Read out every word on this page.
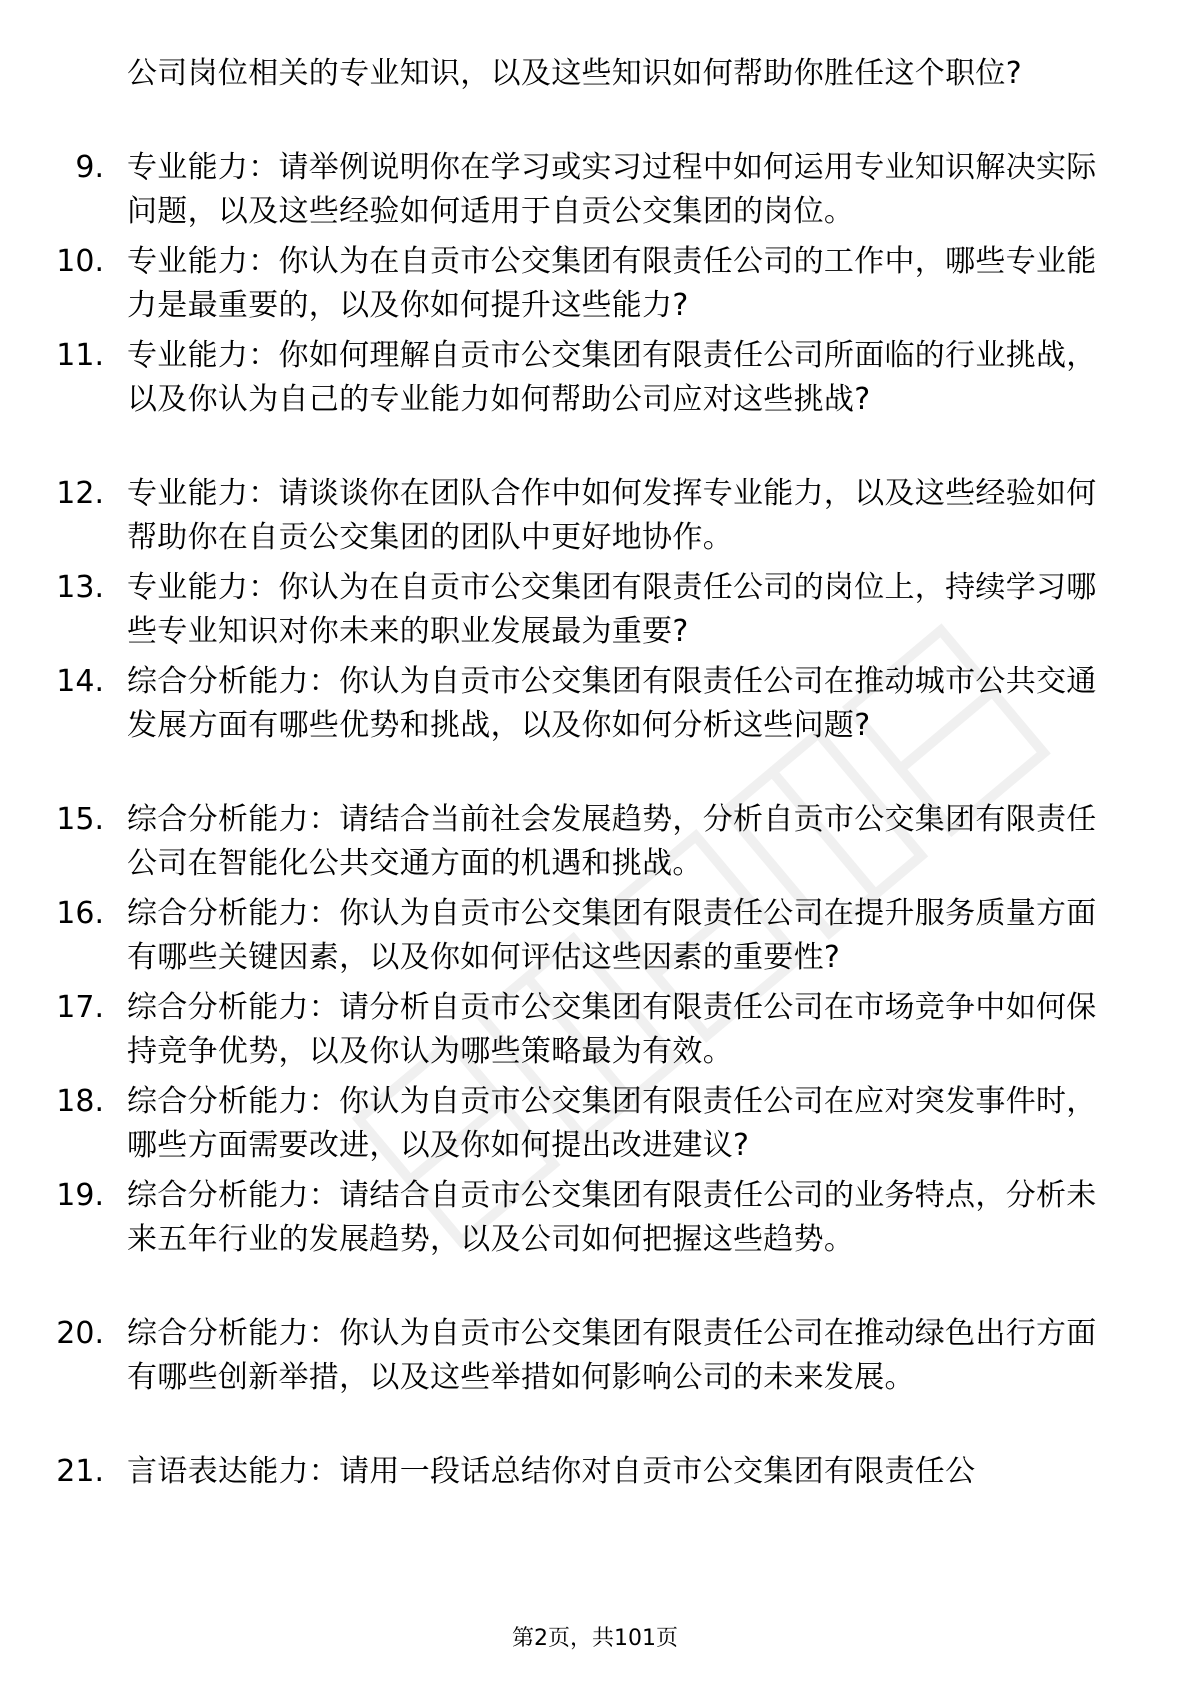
公司岗位相关的专业知识，以及这些知识如何帮助你胜任这个职位?
9. 专业能力：请举例说明你在学习或实习过程中如何运用专业知识解决实际问题，以及这些经验如何适用于自贡公交集团的岗位。
10. 专业能力：你认为在自贡市公交集团有限责任公司的工作中，哪些专业能力是最重要的，以及你如何提升这些能力?
11. 专业能力：你如何理解自贡市公交集团有限责任公司所面临的行业挑战，以及你认为自己的专业能力如何帮助公司应对这些挑战?
12. 专业能力：请谈谈你在团队合作中如何发挥专业能力，以及这些经验如何帮助你在自贡公交集团的团队中更好地协作。
13. 专业能力：你认为在自贡市公交集团有限责任公司的岗位上，持续学习哪些专业知识对你未来的职业发展最为重要?
14. 综合分析能力：你认为自贡市公交集团有限责任公司在推动城市公共交通发展方面有哪些优势和挑战，以及你如何分析这些问题?
15. 综合分析能力：请结合当前社会发展趋势，分析自贡市公交集团有限责任公司在智能化公共交通方面的机遇和挑战。
16. 综合分析能力：你认为自贡市公交集团有限责任公司在提升服务质量方面有哪些关键因素，以及你如何评估这些因素的重要性?
17. 综合分析能力：请分析自贡市公交集团有限责任公司在市场竞争中如何保持竞争优势，以及你认为哪些策略最为有效。
18. 综合分析能力：你认为自贡市公交集团有限责任公司在应对突发事件时，哪些方面需要改进，以及你如何提出改进建议?
19. 综合分析能力：请结合自贡市公交集团有限责任公司的业务特点，分析未来五年行业的发展趋势，以及公司如何把握这些趋势。
20. 综合分析能力：你认为自贡市公交集团有限责任公司在推动绿色出行方面有哪些创新举措，以及这些举措如何影响公司的未来发展。
21. 言语表达能力：请用一段话总结你对自贡市公交集团有限责任公
第2页，共101页
